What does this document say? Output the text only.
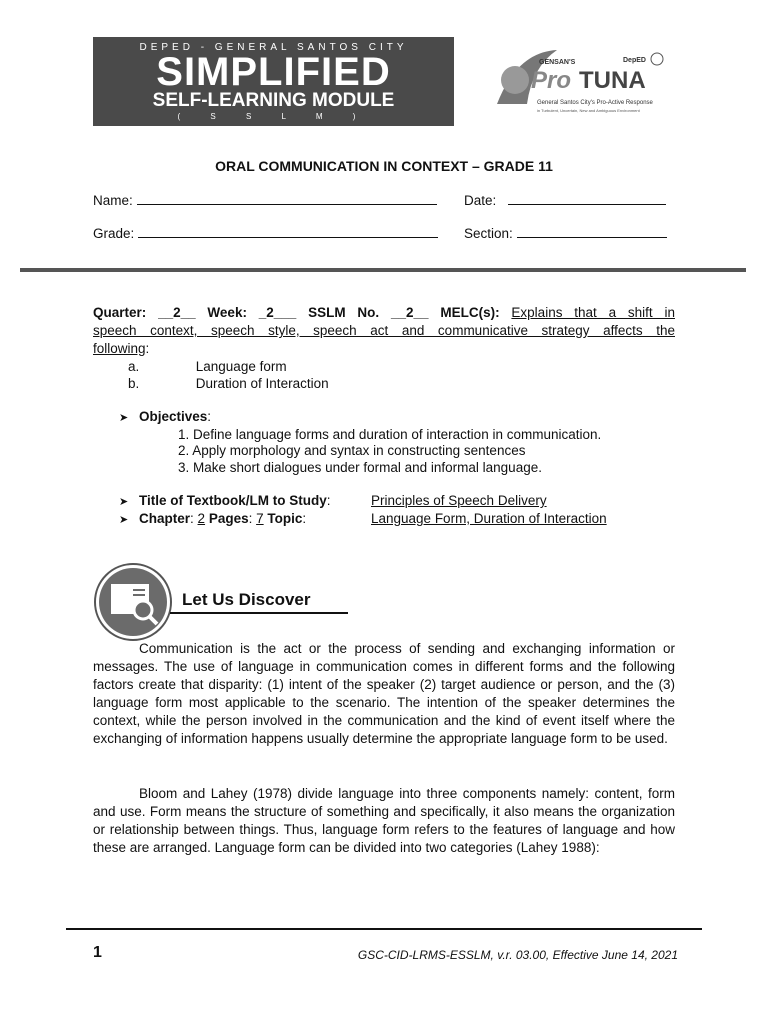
DEPED - GENERAL SANTOS CITY
SIMPLIFIED
SELF-LEARNING MODULE
( S S L M )
GENSAN'S	DepED
Pro TUNA
General Santos City's Pro-Active Response
in Turbulent, Uncertain, New and Ambiguous Environment
ORAL COMMUNICATION IN CONTEXT – GRADE 11
Name:	Date:
Grade:	Section:
Quarter: __2__ Week: _2___ SSLM No. __2__ MELC(s): Explains that a shift in
speech context, speech style, speech act and communicative strategy affects the
following:
a.	Language form
b.	Duration of Interaction
➤ Objectives:
1. Define language forms and duration of interaction in communication.
2. Apply morphology and syntax in constructing sentences
3. Make short dialogues under formal and informal language.
➤ Title of Textbook/LM to Study:	Principles of Speech Delivery
➤ Chapter: 2 Pages: 7 Topic:	Language Form, Duration of Interaction
Let Us Discover
Communication is the act or the process of sending and exchanging information or messages. The use of language in communication comes in different forms and the following factors create that disparity: (1) intent of the speaker (2) target audience or person, and the (3) language form most applicable to the scenario. The intention of the speaker determines the context, while the person involved in the communication and the kind of event itself where the exchanging of information happens usually determine the appropriate language form to be used.
Bloom and Lahey (1978) divide language into three components namely: content, form and use. Form means the structure of something and specifically, it also means the organization or relationship between things. Thus, language form refers to the features of language and how these are arranged. Language form can be divided into two categories (Lahey 1988):
1	GSC-CID-LRMS-ESSLM, v.r. 03.00, Effective June 14, 2021
